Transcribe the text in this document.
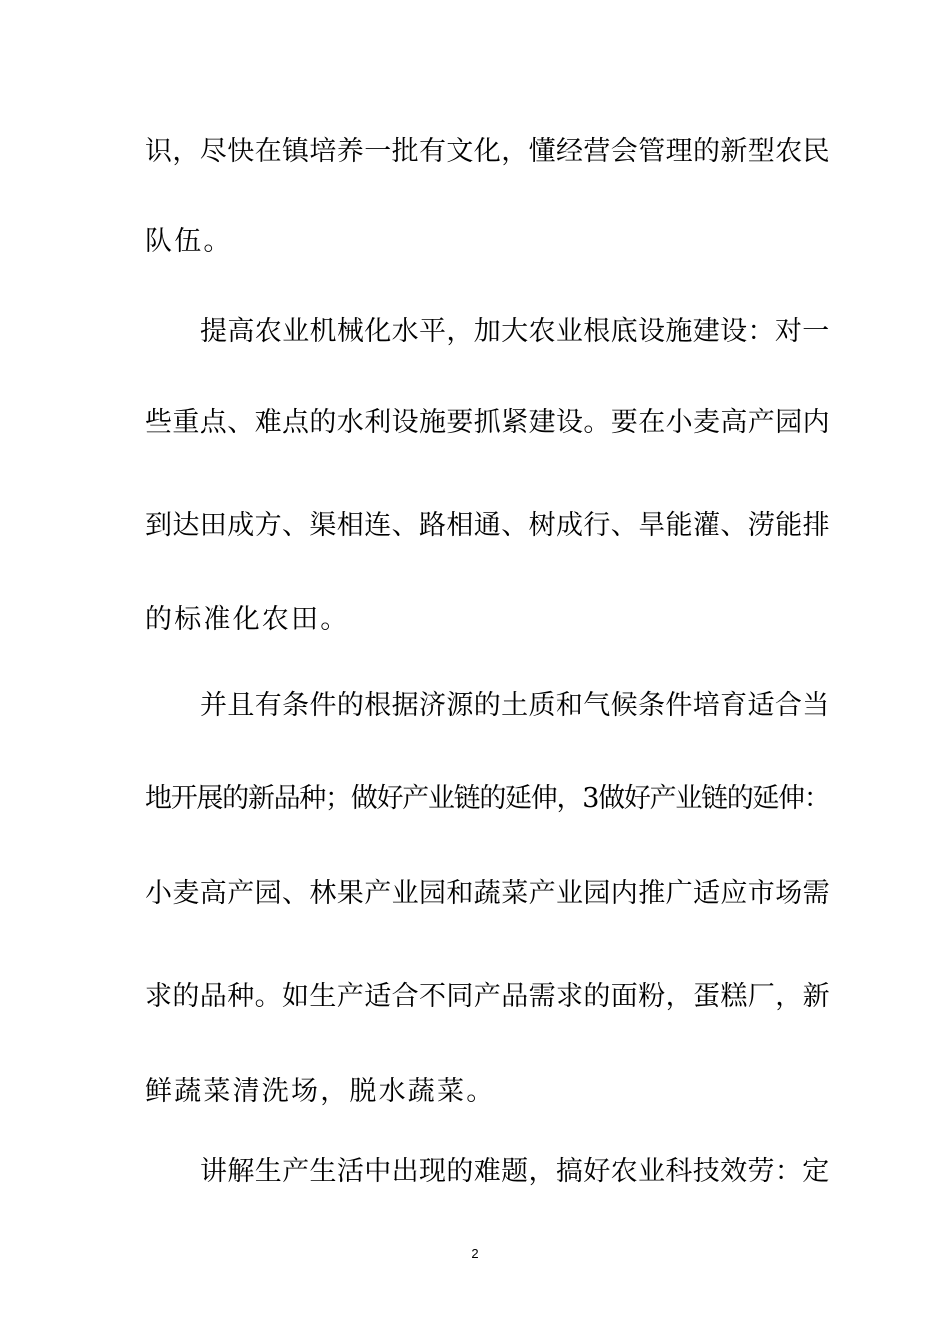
识，尽快在镇培养一批有文化，懂经营会管理的新型农民
队伍。
提高农业机械化水平，加大农业根底设施建设：对一
些重点、难点的水利设施要抓紧建设。要在小麦高产园内
到达田成方、渠相连、路相通、树成行、旱能灌、涝能排
的标准化农田。
并且有条件的根据济源的土质和气候条件培育适合当
地开展的新品种；做好产业链的延伸，3做好产业链的延伸：
小麦高产园、林果产业园和蔬菜产业园内推广适应市场需
求的品种。如生产适合不同产品需求的面粉，蛋糕厂，新
鲜蔬菜清洗场，脱水蔬菜。
讲解生产生活中出现的难题，搞好农业科技效劳：定
2
